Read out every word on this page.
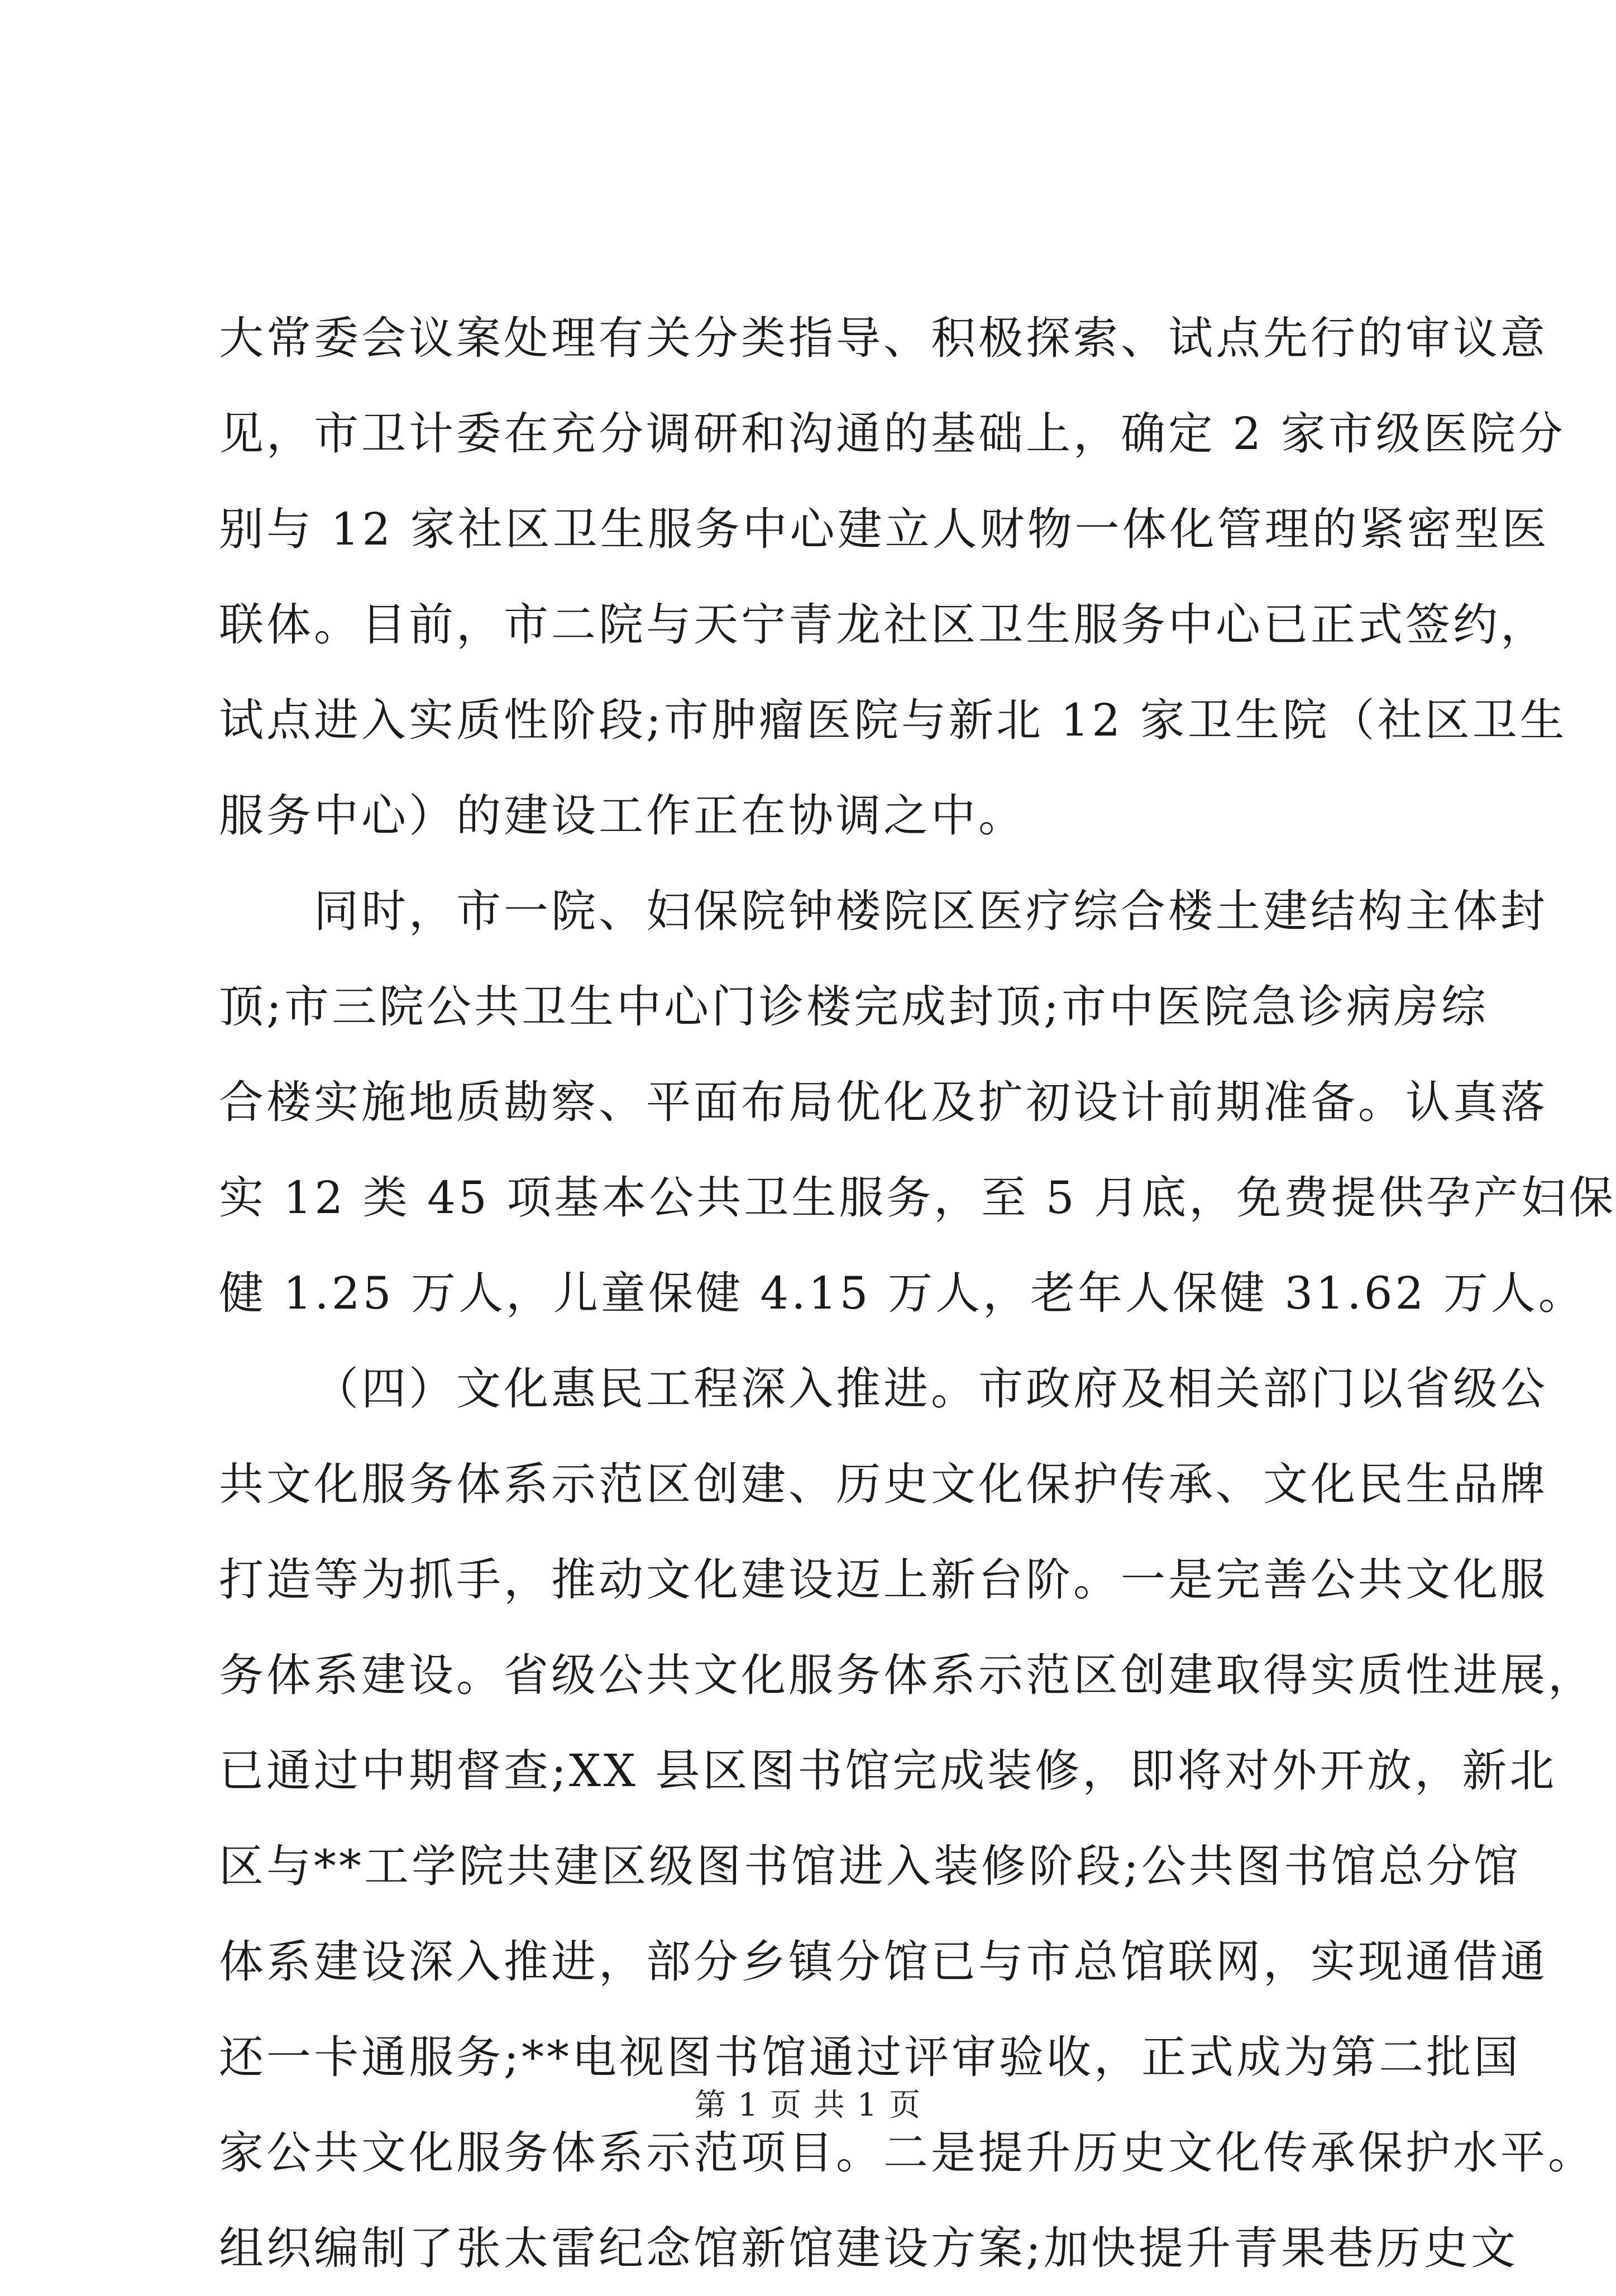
大常委会议案处理有关分类指导、积极探索、试点先行的审议意
见，市卫计委在充分调研和沟通的基础上，确定 2 家市级医院分
别与 12 家社区卫生服务中心建立人财物一体化管理的紧密型医
联体。目前，市二院与天宁青龙社区卫生服务中心已正式签约，
试点进入实质性阶段;市肿瘤医院与新北 12 家卫生院（社区卫生
服务中心）的建设工作正在协调之中。
同时，市一院、妇保院钟楼院区医疗综合楼土建结构主体封
顶;市三院公共卫生中心门诊楼完成封顶;市中医院急诊病房综
合楼实施地质勘察、平面布局优化及扩初设计前期准备。认真落
实 12 类 45 项基本公共卫生服务，至 5 月底，免费提供孕产妇保
健 1.25 万人，儿童保健 4.15 万人，老年人保健 31.62 万人。
（四）文化惠民工程深入推进。市政府及相关部门以省级公
共文化服务体系示范区创建、历史文化保护传承、文化民生品牌
打造等为抓手，推动文化建设迈上新台阶。一是完善公共文化服
务体系建设。省级公共文化服务体系示范区创建取得实质性进展，
已通过中期督查;XX 县区图书馆完成装修，即将对外开放，新北
区与**工学院共建区级图书馆进入装修阶段;公共图书馆总分馆
体系建设深入推进，部分乡镇分馆已与市总馆联网，实现通借通
还一卡通服务;**电视图书馆通过评审验收，正式成为第二批国
家公共文化服务体系示范项目。二是提升历史文化传承保护水平。
组织编制了张太雷纪念馆新馆建设方案;加快提升青果巷历史文
第 1 页 共 1 页
